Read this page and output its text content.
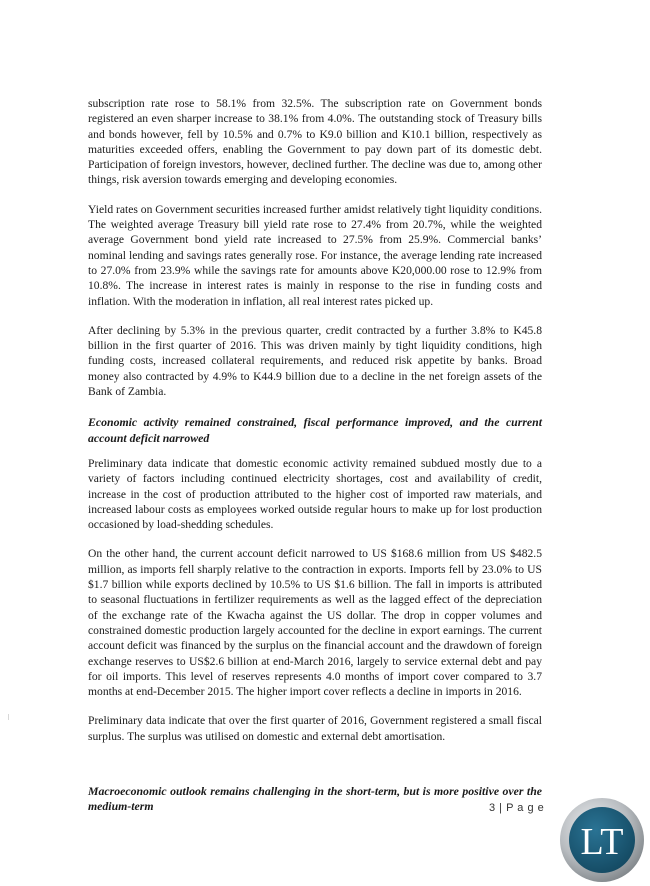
subscription rate rose to 58.1% from 32.5%. The subscription rate on Government bonds registered an even sharper increase to 38.1% from 4.0%. The outstanding stock of Treasury bills and bonds however, fell by 10.5% and 0.7% to K9.0 billion and K10.1 billion, respectively as maturities exceeded offers, enabling the Government to pay down part of its domestic debt. Participation of foreign investors, however, declined further. The decline was due to, among other things, risk aversion towards emerging and developing economies.

Yield rates on Government securities increased further amidst relatively tight liquidity conditions. The weighted average Treasury bill yield rate rose to 27.4% from 20.7%, while the weighted average Government bond yield rate increased to 27.5% from 25.9%. Commercial banks’ nominal lending and savings rates generally rose. For instance, the average lending rate increased to 27.0% from 23.9% while the savings rate for amounts above K20,000.00 rose to 12.9% from 10.8%. The increase in interest rates is mainly in response to the rise in funding costs and inflation. With the moderation in inflation, all real interest rates picked up.

After declining by 5.3% in the previous quarter, credit contracted by a further 3.8% to K45.8 billion in the first quarter of 2016. This was driven mainly by tight liquidity conditions, high funding costs, increased collateral requirements, and reduced risk appetite by banks. Broad money also contracted by 4.9% to K44.9 billion due to a decline in the net foreign assets of the Bank of Zambia.

Economic activity remained constrained, fiscal performance improved, and the current account deficit narrowed

Preliminary data indicate that domestic economic activity remained subdued mostly due to a variety of factors including continued electricity shortages, cost and availability of credit, increase in the cost of production attributed to the higher cost of imported raw materials, and increased labour costs as employees worked outside regular hours to make up for lost production occasioned by load-shedding schedules.

On the other hand, the current account deficit narrowed to US $168.6 million from US $482.5 million, as imports fell sharply relative to the contraction in exports. Imports fell by 23.0% to US $1.7 billion while exports declined by 10.5% to US $1.6 billion. The fall in imports is attributed to seasonal fluctuations in fertilizer requirements as well as the lagged effect of the depreciation of the exchange rate of the Kwacha against the US dollar. The drop in copper volumes and constrained domestic production largely accounted for the decline in export earnings. The current account deficit was financed by the surplus on the financial account and the drawdown of foreign exchange reserves to US$2.6 billion at end-March 2016, largely to service external debt and pay for oil imports. This level of reserves represents 4.0 months of import cover compared to 3.7 months at end-December 2015. The higher import cover reflects a decline in imports in 2016.

Preliminary data indicate that over the first quarter of 2016, Government registered a small fiscal surplus. The surplus was utilised on domestic and external debt amortisation.

Macroeconomic outlook remains challenging in the short-term, but is more positive over the medium-term	3 | P a g e
LT
